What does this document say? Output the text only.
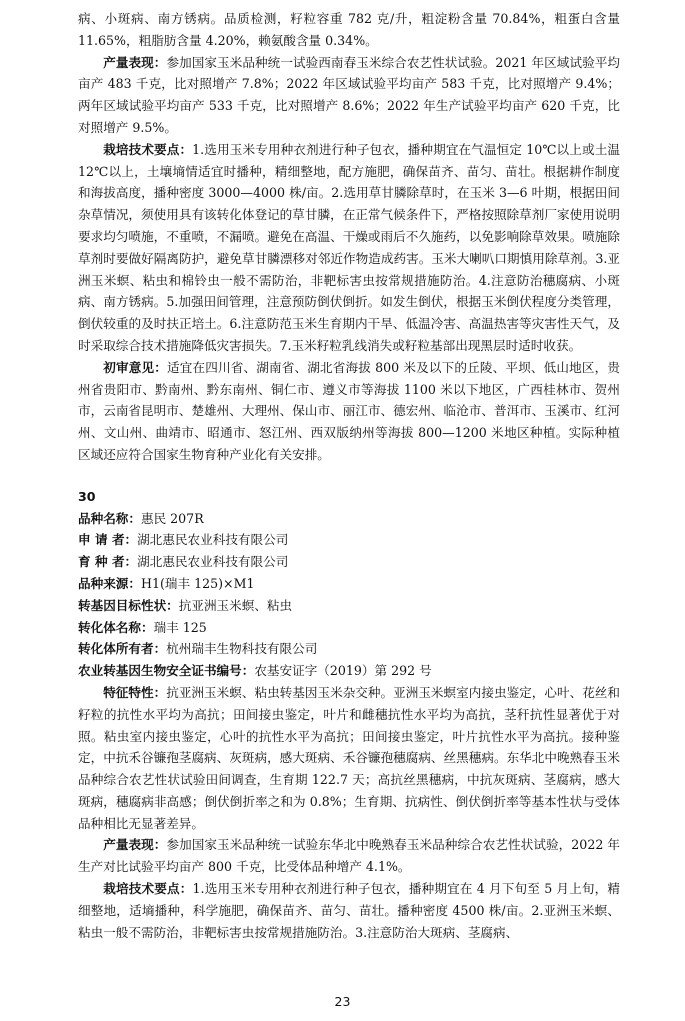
病、小斑病、南方锈病。品质检测，籽粒容重 782 克/升，粗淀粉含量 70.84%，粗蛋白含量 11.65%，粗脂肪含量 4.20%，赖氨酸含量 0.34%。

产量表现：参加国家玉米品种统一试验西南春玉米综合农艺性状试验。2021 年区域试验平均亩产 483 千克，比对照增产 7.8%；2022 年区域试验平均亩产 583 千克，比对照增产 9.4%；两年区域试验平均亩产 533 千克，比对照增产 8.6%；2022 年生产试验平均亩产 620 千克，比对照增产 9.5%。

栽培技术要点：1.选用玉米专用种衣剂进行种子包衣，播种期宜在气温恒定 10℃以上或土温 12℃以上，土壤墒情适宜时播种，精细整地，配方施肥，确保苗齐、苗匀、苗壮。根据耕作制度和海拔高度，播种密度 3000—4000 株/亩。2.选用草甘膦除草时，在玉米 3—6 叶期，根据田间杂草情况，须使用具有该转化体登记的草甘膦，在正常气候条件下，严格按照除草剂厂家使用说明要求均匀喷施，不重喷，不漏喷。避免在高温、干燥或雨后不久施药，以免影响除草效果。喷施除草剂时要做好隔离防护，避免草甘膦漂移对邻近作物造成药害。玉米大喇叭口期慎用除草剂。3.亚洲玉米螟、粘虫和棉铃虫一般不需防治，非靶标害虫按常规措施防治。4.注意防治穗腐病、小斑病、南方锈病。5.加强田间管理，注意预防倒伏倒折。如发生倒伏，根据玉米倒伏程度分类管理，倒伏较重的及时扶正培土。6.注意防范玉米生育期内干旱、低温冷害、高温热害等灾害性天气，及时采取综合技术措施降低灾害损失。7.玉米籽粒乳线消失或籽粒基部出现黑层时适时收获。

初审意见：适宜在四川省、湖南省、湖北省海拔 800 米及以下的丘陵、平坝、低山地区，贵州省贵阳市、黔南州、黔东南州、铜仁市、遵义市等海拔 1100 米以下地区，广西桂林市、贺州市，云南省昆明市、楚雄州、大理州、保山市、丽江市、德宏州、临沧市、普洱市、玉溪市、红河州、文山州、曲靖市、昭通市、怒江州、西双版纳州等海拔 800—1200 米地区种植。实际种植区域还应符合国家生物育种产业化有关安排。

30

品种名称：惠民 207R

申 请 者：湖北惠民农业科技有限公司

育 种 者：湖北惠民农业科技有限公司

品种来源：H1(瑞丰 125)×M1

转基因目标性状：抗亚洲玉米螟、粘虫

转化体名称：瑞丰 125

转化体所有者：杭州瑞丰生物科技有限公司

农业转基因生物安全证书编号：农基安证字（2019）第 292 号

特征特性：抗亚洲玉米螟、粘虫转基因玉米杂交种。亚洲玉米螟室内接虫鉴定，心叶、花丝和籽粒的抗性水平均为高抗；田间接虫鉴定，叶片和雌穗抗性水平均为高抗，茎秆抗性显著优于对照。粘虫室内接虫鉴定，心叶的抗性水平为高抗；田间接虫鉴定，叶片抗性水平为高抗。接种鉴定，中抗禾谷镰孢茎腐病、灰斑病，感大斑病、禾谷镰孢穗腐病、丝黑穗病。东华北中晚熟春玉米品种综合农艺性状试验田间调查，生育期 122.7 天；高抗丝黑穗病，中抗灰斑病、茎腐病，感大斑病，穗腐病非高感；倒伏倒折率之和为 0.8%；生育期、抗病性、倒伏倒折率等基本性状与受体品种相比无显著差异。

产量表现：参加国家玉米品种统一试验东华北中晚熟春玉米品种综合农艺性状试验，2022 年生产对比试验平均亩产 800 千克，比受体品种增产 4.1%。

栽培技术要点：1.选用玉米专用种衣剂进行种子包衣，播种期宜在 4 月下旬至 5 月上旬，精细整地，适墒播种，科学施肥，确保苗齐、苗匀、苗壮。播种密度 4500 株/亩。2.亚洲玉米螟、粘虫一般不需防治，非靶标害虫按常规措施防治。3.注意防治大斑病、茎腐病、

23
